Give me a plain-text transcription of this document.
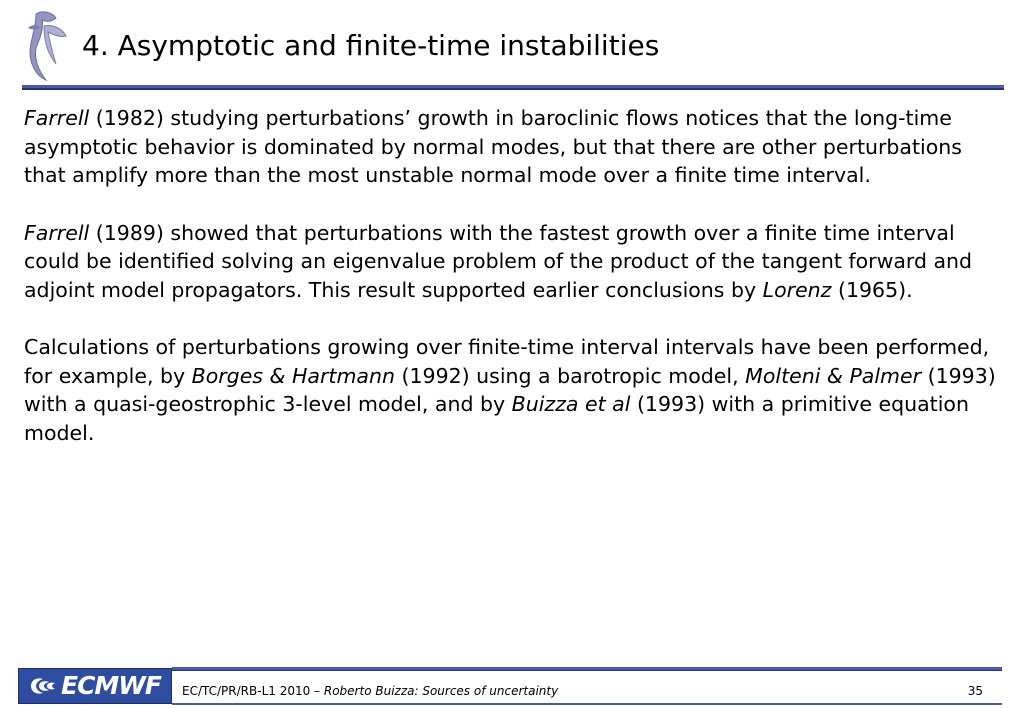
4. Asymptotic and finite-time instabilities

Farrell (1982) studying perturbations’ growth in baroclinic flows notices that the long-time asymptotic behavior is dominated by normal modes, but that there are other perturbations that amplify more than the most unstable normal mode over a finite time interval.

Farrell (1989) showed that perturbations with the fastest growth over a finite time interval could be identified solving an eigenvalue problem of the product of the tangent forward and adjoint model propagators. This result supported earlier conclusions by Lorenz (1965).

Calculations of perturbations growing over finite-time interval intervals have been performed, for example, by Borges & Hartmann (1992) using a barotropic model, Molteni & Palmer (1993) with a quasi-geostrophic 3-level model, and by Buizza et al (1993) with a primitive equation model.

ECMWF EC/TC/PR/RB-L1 2010 – Roberto Buizza: Sources of uncertainty	35
